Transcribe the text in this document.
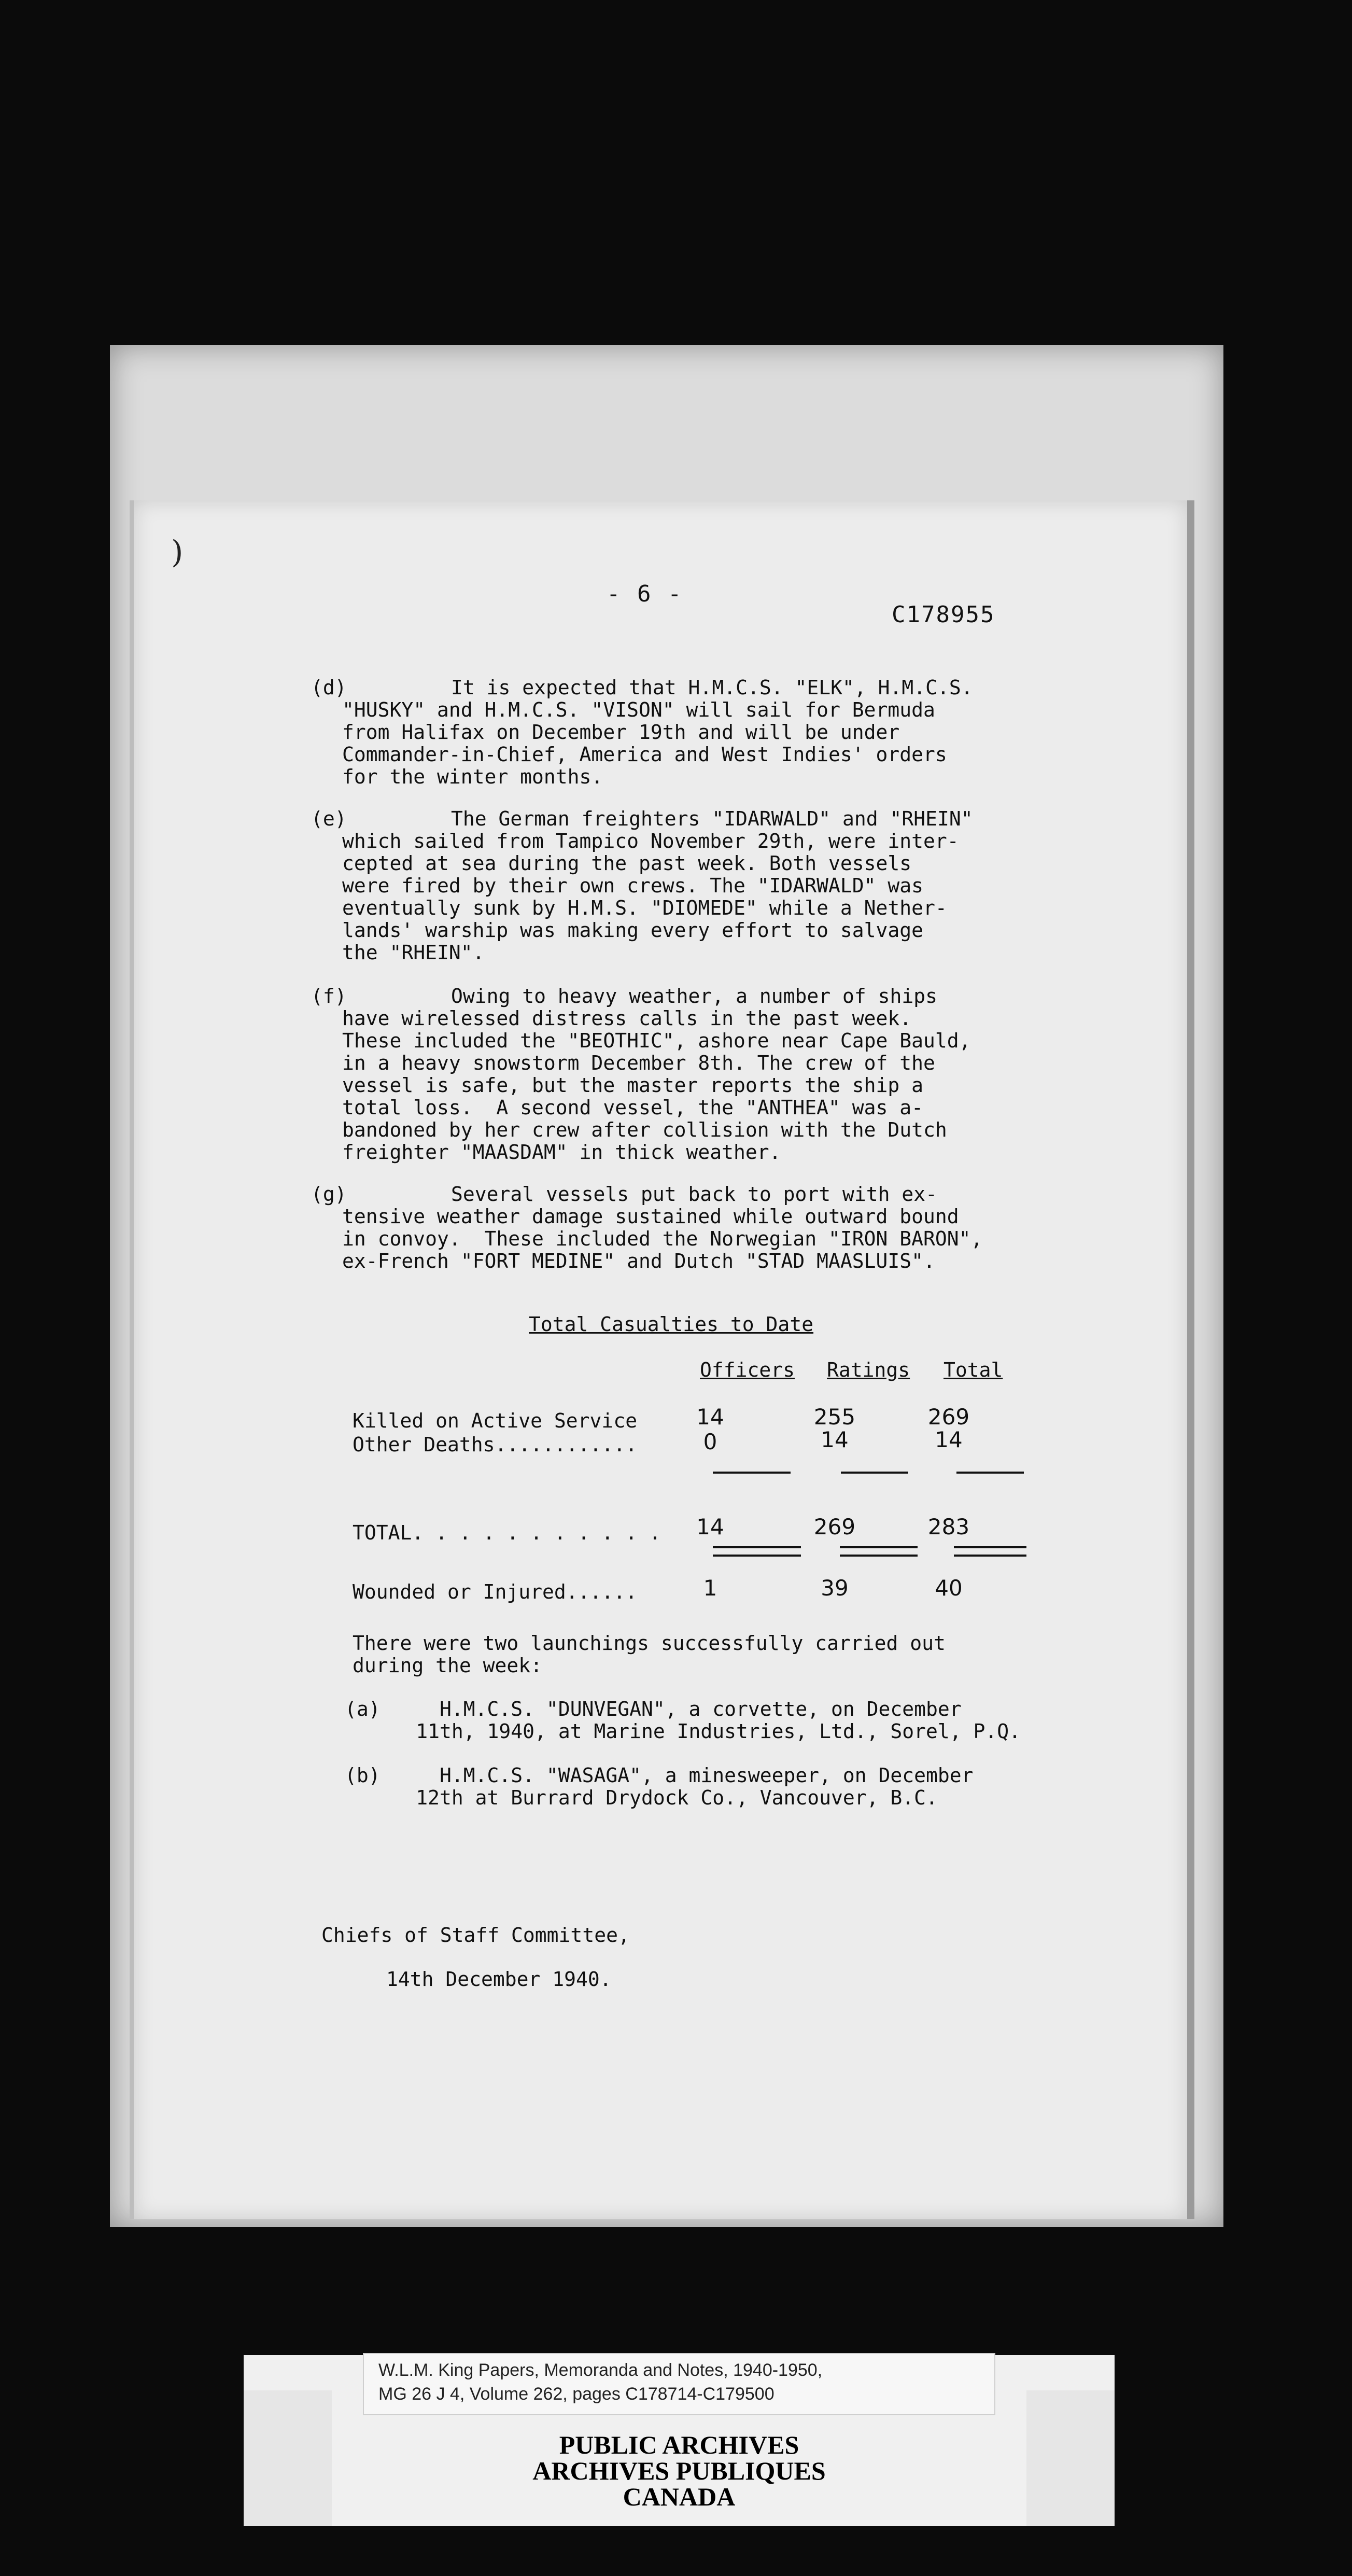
)
- 6 -
C178955
(d)	It is expected that H.M.C.S. "ELK", H.M.C.S.
"HUSKY" and H.M.C.S. "VISON" will sail for Bermuda
from Halifax on December 19th and will be under
Commander-in-Chief, America and West Indies' orders
for the winter months.
(e)	The German freighters "IDARWALD" and "RHEIN"
which sailed from Tampico November 29th, were inter-
cepted at sea during the past week. Both vessels
were fired by their own crews. The "IDARWALD" was
eventually sunk by H.M.S. "DIOMEDE" while a Nether-
lands' warship was making every effort to salvage
the "RHEIN".
(f)	Owing to heavy weather, a number of ships
have wirelessed distress calls in the past week.
These included the "BEOTHIC", ashore near Cape Bauld,
in a heavy snowstorm December 8th. The crew of the
vessel is safe, but the master reports the ship a
total loss.  A second vessel, the "ANTHEA" was a-
bandoned by her crew after collision with the Dutch
freighter "MAASDAM" in thick weather.
(g)	Several vessels put back to port with ex-
tensive weather damage sustained while outward bound
in convoy.  These included the Norwegian "IRON BARON",
ex-French "FORT MEDINE" and Dutch "STAD MAASLUIS".
Total Casualties to Date
Officers Ratings Total
Killed on Active Service	14	255	269
Other Deaths............	0	14	14
TOTAL. . . . . . . . . . .	14	269	283
Wounded or Injured......	1	39	40
There were two launchings successfully carried out
during the week:
(a)	H.M.C.S. "DUNVEGAN", a corvette, on December
11th, 1940, at Marine Industries, Ltd., Sorel, P.Q.
(b)	H.M.C.S. "WASAGA", a minesweeper, on December
12th at Burrard Drydock Co., Vancouver, B.C.
Chiefs of Staff Committee,
14th December 1940.
W.L.M. King Papers, Memoranda and Notes, 1940-1950,
MG 26 J 4, Volume 262, pages C178714-C179500
PUBLIC ARCHIVES
ARCHIVES PUBLIQUES
CANADA
